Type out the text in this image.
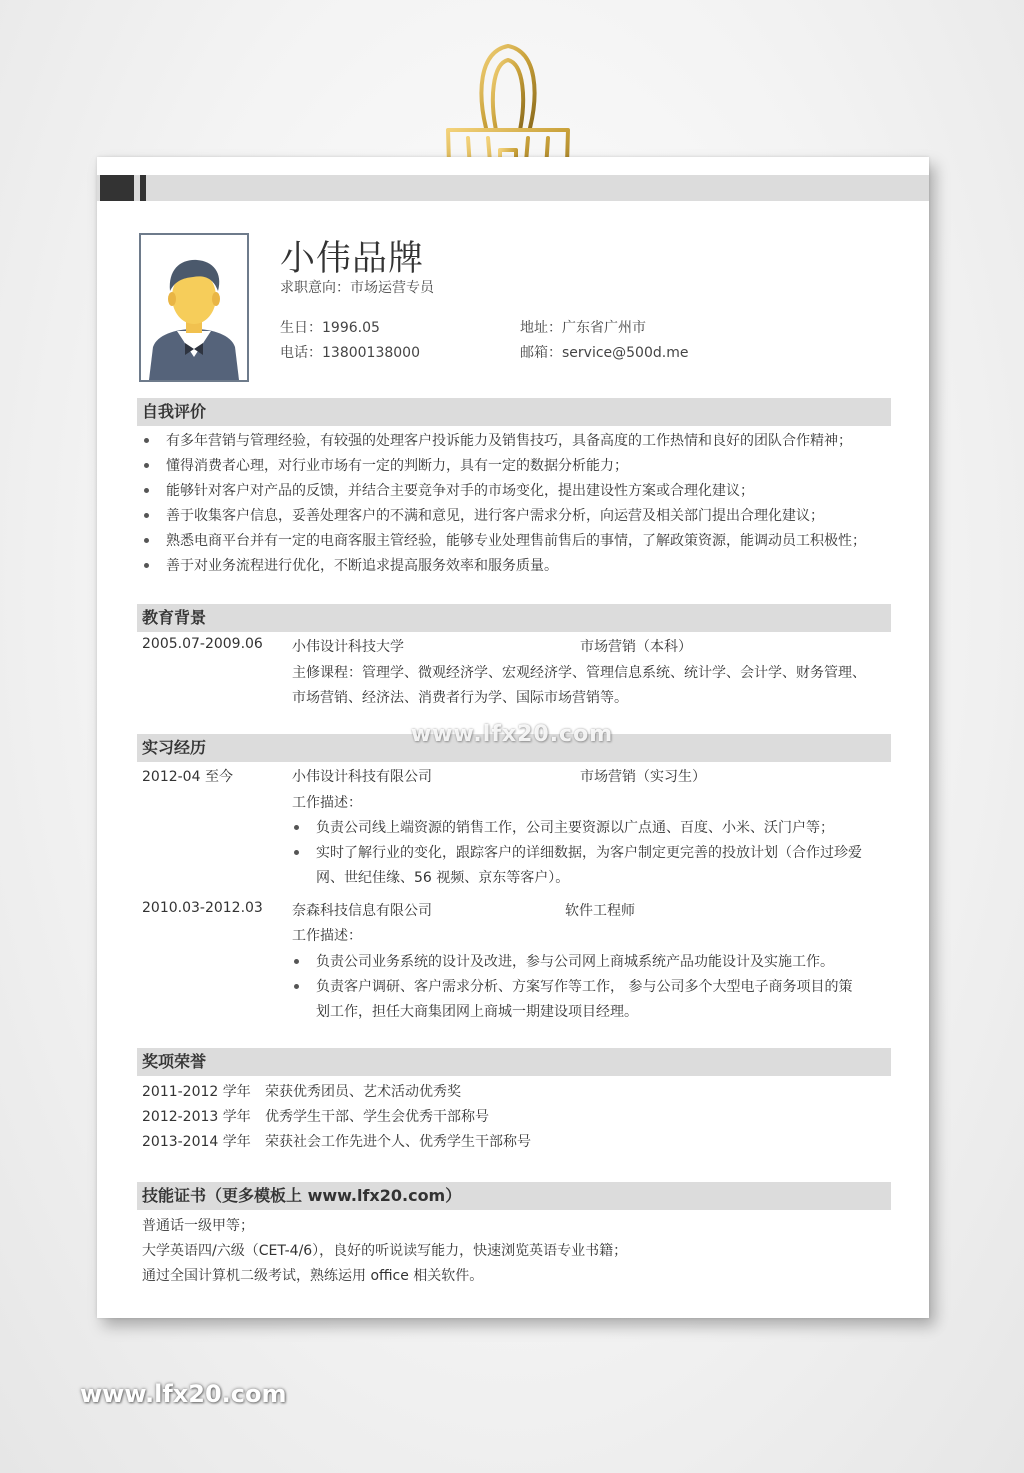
小伟品牌
求职意向：市场运营专员
生日：1996.05	地址：广东省广州市
电话：13800138000	邮箱：service@500d.me
自我评价
有多年营销与管理经验，有较强的处理客户投诉能力及销售技巧，具备高度的工作热情和良好的团队合作精神；
懂得消费者心理，对行业市场有一定的判断力，具有一定的数据分析能力；
能够针对客户对产品的反馈，并结合主要竞争对手的市场变化，提出建设性方案或合理化建议；
善于收集客户信息，妥善处理客户的不满和意见，进行客户需求分析，向运营及相关部门提出合理化建议；
熟悉电商平台并有一定的电商客服主管经验，能够专业处理售前售后的事情，了解政策资源，能调动员工积极性；
善于对业务流程进行优化，不断追求提高服务效率和服务质量。
教育背景
2005.07-2009.06 小伟设计科技大学	市场营销（本科）
主修课程：管理学、微观经济学、宏观经济学、管理信息系统、统计学、会计学、财务管理、
市场营销、经济法、消费者行为学、国际市场营销等。
实习经历
2012-04 至今	小伟设计科技有限公司	市场营销（实习生）
工作描述：
负责公司线上端资源的销售工作，公司主要资源以广点通、百度、小米、沃门户等；
实时了解行业的变化，跟踪客户的详细数据，为客户制定更完善的投放计划（合作过珍爱
网、世纪佳缘、56 视频、京东等客户）。
2010.03-2012.03 奈森科技信息有限公司	软件工程师
工作描述：
负责公司业务系统的设计及改进，参与公司网上商城系统产品功能设计及实施工作。
负责客户调研、客户需求分析、方案写作等工作， 参与公司多个大型电子商务项目的策
划工作，担任大商集团网上商城一期建设项目经理。
奖项荣誉
2011-2012 学年 荣获优秀团员、艺术活动优秀奖
2012-2013 学年 优秀学生干部、学生会优秀干部称号
2013-2014 学年 荣获社会工作先进个人、优秀学生干部称号
技能证书（更多模板上 www.lfx20.com）
普通话一级甲等；
大学英语四/六级（CET-4/6），良好的听说读写能力，快速浏览英语专业书籍；
通过全国计算机二级考试，熟练运用 office 相关软件。
www.lfx20.com
www.lfx20.com
